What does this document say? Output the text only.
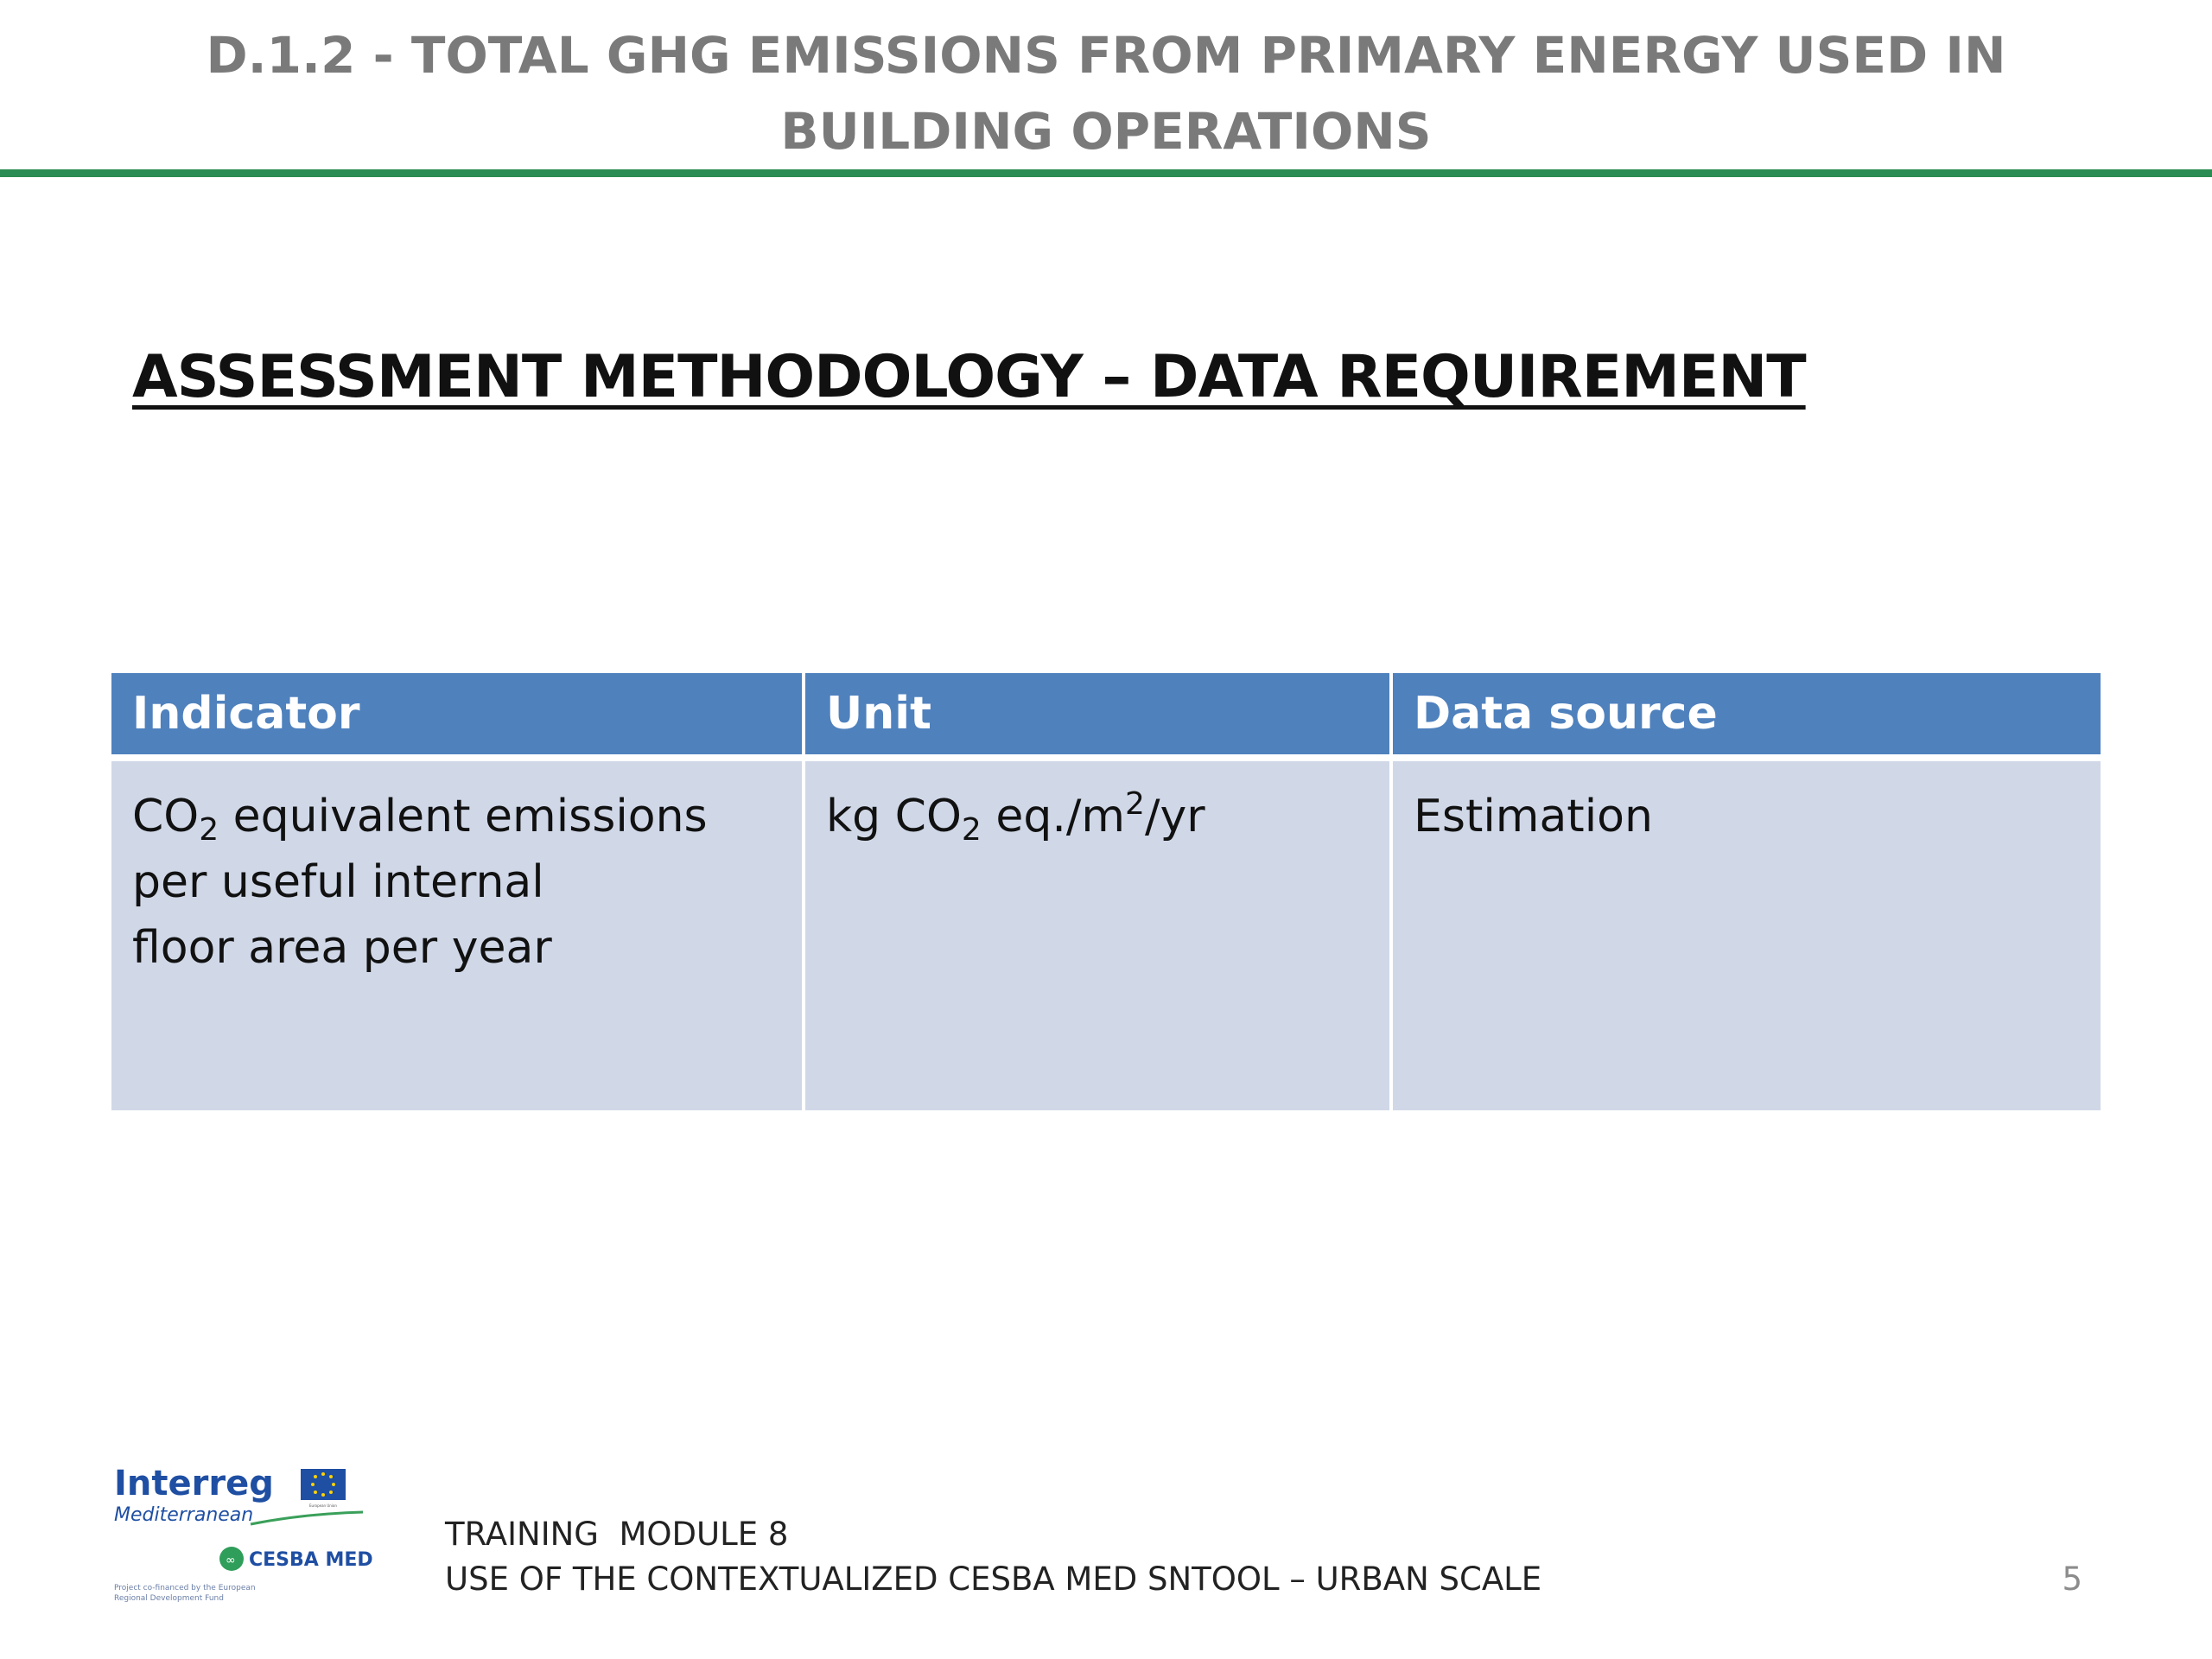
D.1.2 - TOTAL GHG EMISSIONS FROM PRIMARY ENERGY USED IN BUILDING OPERATIONS
ASSESSMENT METHODOLOGY – DATA REQUIREMENT
Indicator	Unit	Data source
$CO_2$ equivalent emissions
per useful internal
floor area per year	kg $CO_2$ $eq./m^2/yr$	Estimation
Interreg
European Union
Mediterranean
∞ CESBA MED
Project co-financed by the European
Regional Development Fund
TRAINING  MODULE 8
USE OF THE CONTEXTUALIZED CESBA MED SNTOOL – URBAN SCALE	5
